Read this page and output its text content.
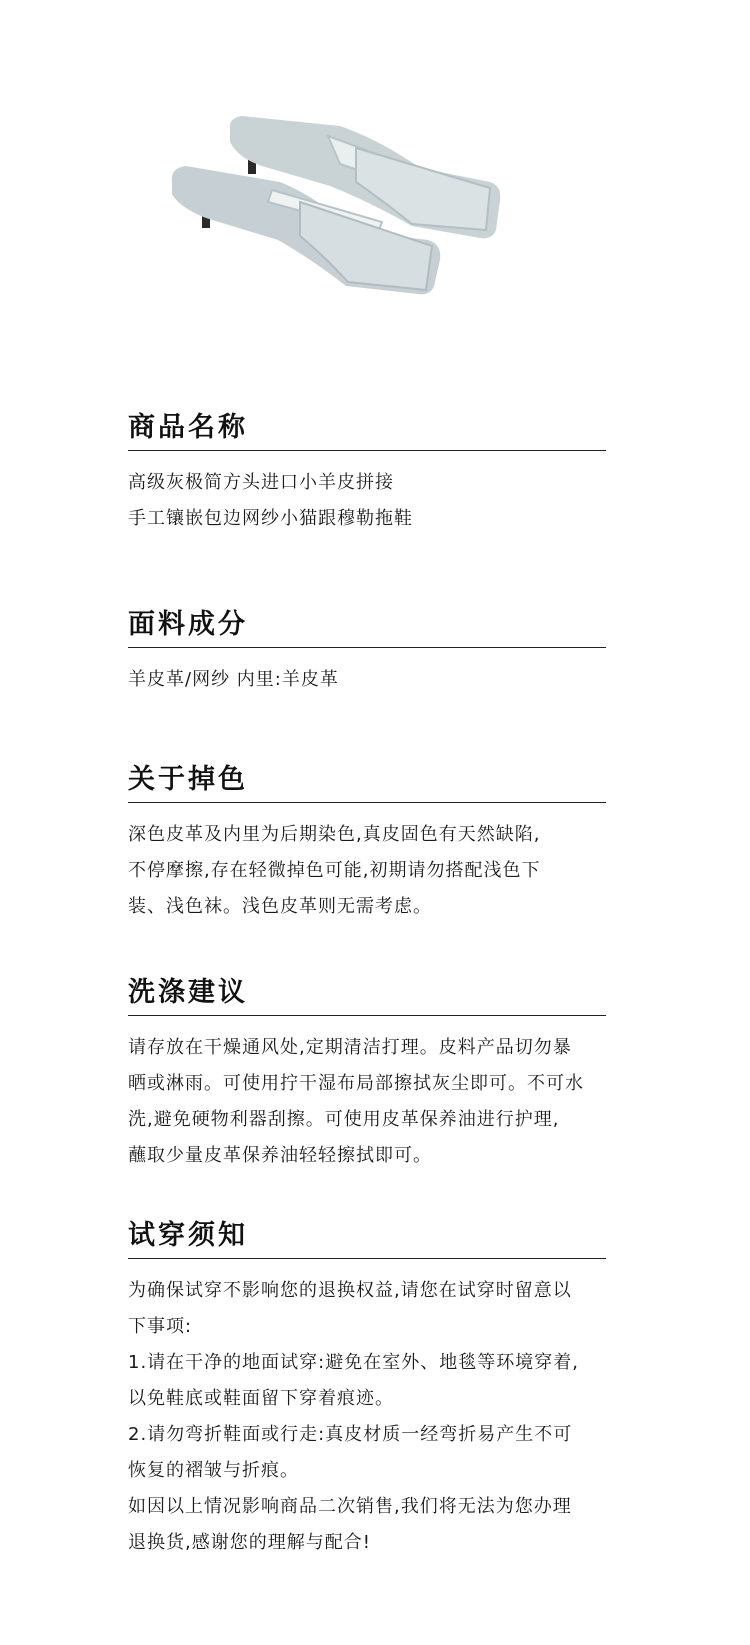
商品名称

高级灰极简方头进口小羊皮拼接

手工镶嵌包边网纱小猫跟穆勒拖鞋

面料成分

羊皮革/网纱 内里:羊皮革

关于掉色

深色皮革及内里为后期染色,真皮固色有天然缺陷,

不停摩擦,存在轻微掉色可能,初期请勿搭配浅色下

装、浅色袜。浅色皮革则无需考虑。

洗涤建议

请存放在干燥通风处,定期清洁打理。皮料产品切勿暴

晒或淋雨。可使用拧干湿布局部擦拭灰尘即可。不可水

洗,避免硬物利器刮擦。可使用皮革保养油进行护理,

蘸取少量皮革保养油轻轻擦拭即可。

试穿须知

为确保试穿不影响您的退换权益,请您在试穿时留意以

下事项:

1.请在干净的地面试穿:避免在室外、地毯等环境穿着,

以免鞋底或鞋面留下穿着痕迹。

2.请勿弯折鞋面或行走:真皮材质一经弯折易产生不可

恢复的褶皱与折痕。

如因以上情况影响商品二次销售,我们将无法为您办理

退换货,感谢您的理解与配合!
